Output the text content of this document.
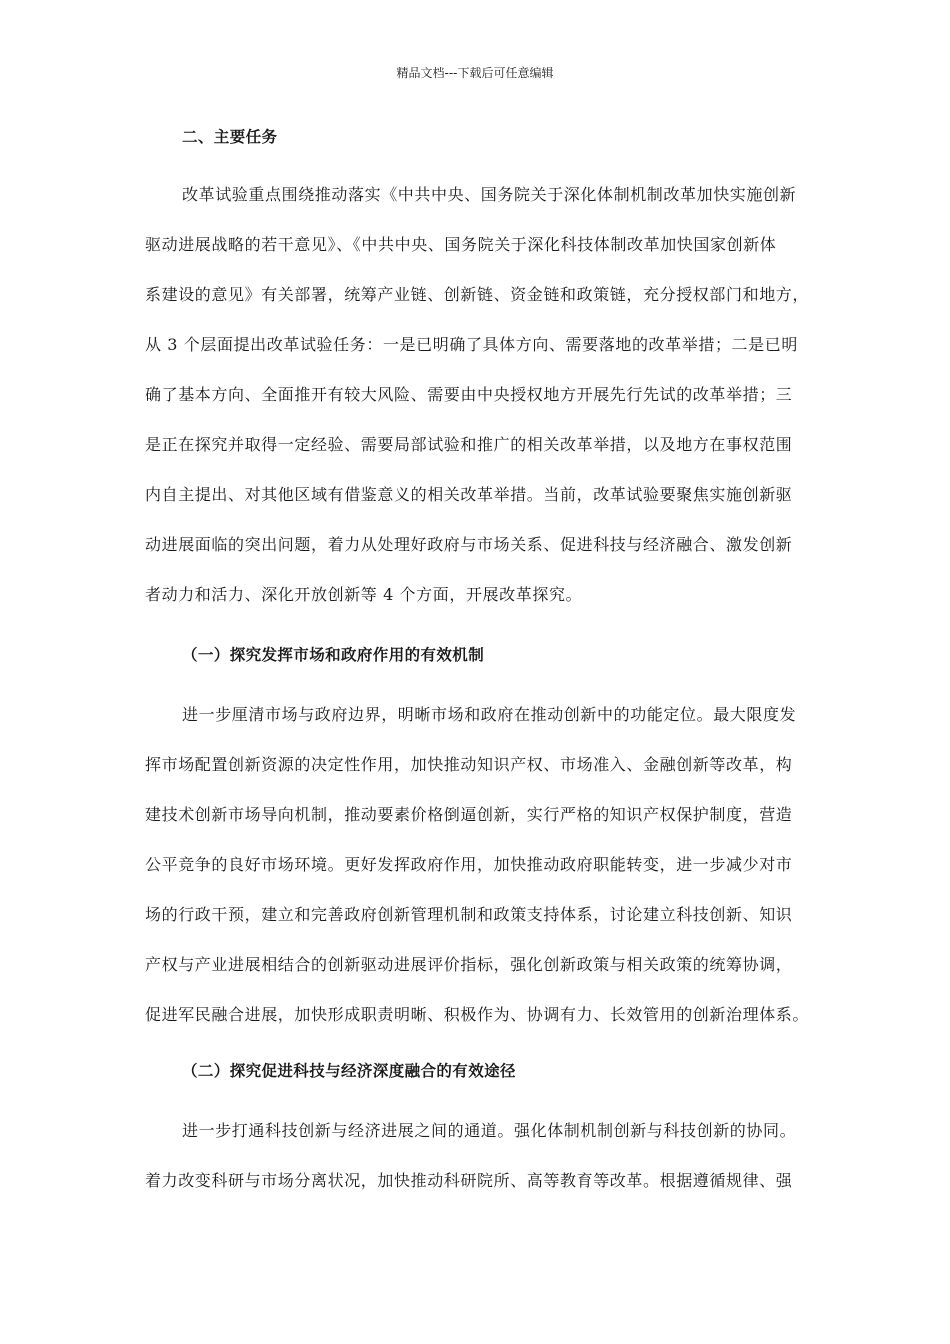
精品文档---下载后可任意编辑
二、主要任务
改革试验重点围绕推动落实《中共中央、国务院关于深化体制机制改革加快实施创新
驱动进展战略的若干意见》、《中共中央、国务院关于深化科技体制改革加快国家创新体
系建设的意见》有关部署，统筹产业链、创新链、资金链和政策链，充分授权部门和地方，
从 3 个层面提出改革试验任务：一是已明确了具体方向、需要落地的改革举措；二是已明
确了基本方向、全面推开有较大风险、需要由中央授权地方开展先行先试的改革举措；三
是正在探究并取得一定经验、需要局部试验和推广的相关改革举措，以及地方在事权范围
内自主提出、对其他区域有借鉴意义的相关改革举措。当前，改革试验要聚焦实施创新驱
动进展面临的突出问题，着力从处理好政府与市场关系、促进科技与经济融合、激发创新
者动力和活力、深化开放创新等 4 个方面，开展改革探究。
（一）探究发挥市场和政府作用的有效机制
进一步厘清市场与政府边界，明晰市场和政府在推动创新中的功能定位。最大限度发
挥市场配置创新资源的决定性作用，加快推动知识产权、市场准入、金融创新等改革，构
建技术创新市场导向机制，推动要素价格倒逼创新，实行严格的知识产权保护制度，营造
公平竞争的良好市场环境。更好发挥政府作用，加快推动政府职能转变，进一步减少对市
场的行政干预，建立和完善政府创新管理机制和政策支持体系，讨论建立科技创新、知识
产权与产业进展相结合的创新驱动进展评价指标，强化创新政策与相关政策的统筹协调，
促进军民融合进展，加快形成职责明晰、积极作为、协调有力、长效管用的创新治理体系。
（二）探究促进科技与经济深度融合的有效途径
进一步打通科技创新与经济进展之间的通道。强化体制机制创新与科技创新的协同。
着力改变科研与市场分离状况，加快推动科研院所、高等教育等改革。根据遵循规律、强
